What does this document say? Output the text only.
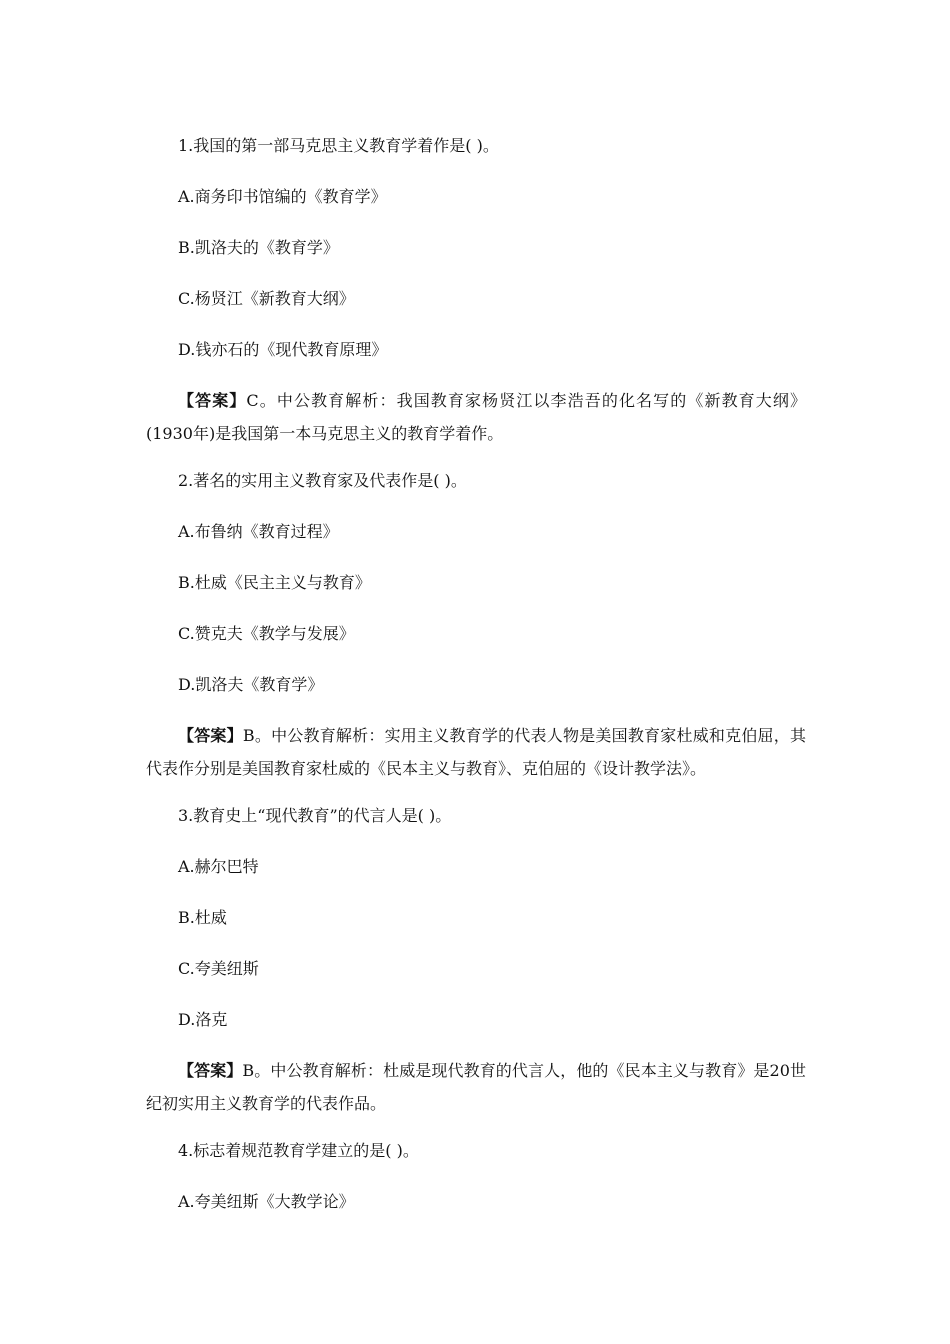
1.我国的第一部马克思主义教育学着作是( )。
A.商务印书馆编的《教育学》
B.凯洛夫的《教育学》
C.杨贤江《新教育大纲》
D.钱亦石的《现代教育原理》
【答案】C。中公教育解析：我国教育家杨贤江以李浩吾的化名写的《新教育大纲》(1930年)是我国第一本马克思主义的教育学着作。
2.著名的实用主义教育家及代表作是( )。
A.布鲁纳《教育过程》
B.杜威《民主主义与教育》
C.赞克夫《教学与发展》
D.凯洛夫《教育学》
【答案】B。中公教育解析：实用主义教育学的代表人物是美国教育家杜威和克伯屈，其代表作分别是美国教育家杜威的《民本主义与教育》、克伯屈的《设计教学法》。
3.教育史上“现代教育”的代言人是( )。
A.赫尔巴特
B.杜威
C.夸美纽斯
D.洛克
【答案】B。中公教育解析：杜威是现代教育的代言人，他的《民本主义与教育》是20世纪初实用主义教育学的代表作品。
4.标志着规范教育学建立的是( )。
A.夸美纽斯《大教学论》
